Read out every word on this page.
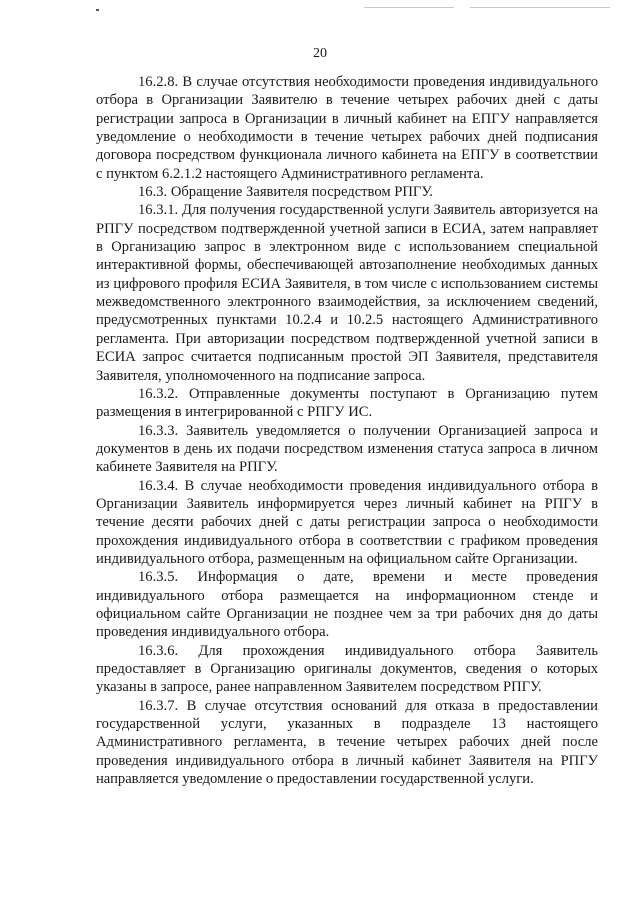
20

16.2.8. В случае отсутствия необходимости проведения индивидуального отбора в Организации Заявителю в течение четырех рабочих дней с даты регистрации запроса в Организации в личный кабинет на ЕПГУ направляется уведомление о необходимости в течение четырех рабочих дней подписания договора посредством функционала личного кабинета на ЕПГУ в соответствии с пунктом 6.2.1.2 настоящего Административного регламента.

16.3. Обращение Заявителя посредством РПГУ.

16.3.1. Для получения государственной услуги Заявитель авторизуется на РПГУ посредством подтвержденной учетной записи в ЕСИА, затем направляет в Организацию запрос в электронном виде с использованием специальной интерактивной формы, обеспечивающей автозаполнение необходимых данных из цифрового профиля ЕСИА Заявителя, в том числе с использованием системы межведомственного электронного взаимодействия, за исключением сведений, предусмотренных пунктами 10.2.4 и 10.2.5 настоящего Административного регламента. При авторизации посредством подтвержденной учетной записи в ЕСИА запрос считается подписанным простой ЭП Заявителя, представителя Заявителя, уполномоченного на подписание запроса.

16.3.2. Отправленные документы поступают в Организацию путем размещения в интегрированной с РПГУ ИС.

16.3.3. Заявитель уведомляется о получении Организацией запроса и документов в день их подачи посредством изменения статуса запроса в личном кабинете Заявителя на РПГУ.

16.3.4. В случае необходимости проведения индивидуального отбора в Организации Заявитель информируется через личный кабинет на РПГУ в течение десяти рабочих дней с даты регистрации запроса о необходимости прохождения индивидуального отбора в соответствии с графиком проведения индивидуального отбора, размещенным на официальном сайте Организации.

16.3.5. Информация о дате, времени и месте проведения индивидуального отбора размещается на информационном стенде и официальном сайте Организации не позднее чем за три рабочих дня до даты проведения индивидуального отбора.

16.3.6. Для прохождения индивидуального отбора Заявитель предоставляет в Организацию оригиналы документов, сведения о которых указаны в запросе, ранее направленном Заявителем посредством РПГУ.

16.3.7. В случае отсутствия оснований для отказа в предоставлении государственной услуги, указанных в подразделе 13 настоящего Административного регламента, в течение четырех рабочих дней после проведения индивидуального отбора в личный кабинет Заявителя на РПГУ направляется уведомление о предоставлении государственной услуги.
